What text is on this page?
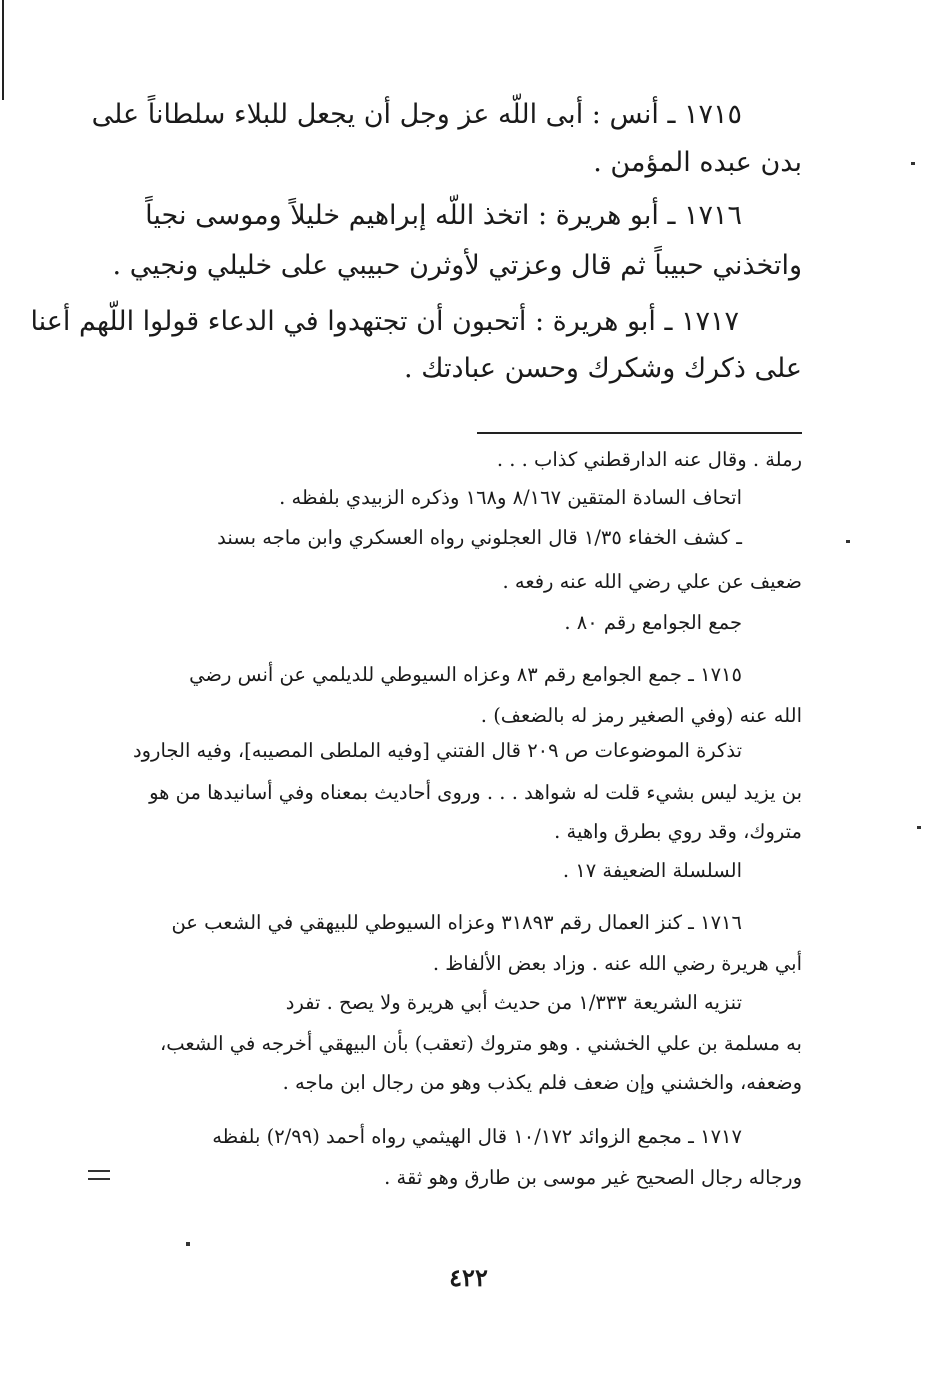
١٧١٥ ـ أنس : أبى اللّه عز وجل أن يجعل للبلاء سلطاناً على
بدن عبده المؤمن .
١٧١٦ ـ أبو هريرة : اتخذ اللّه إبراهيم خليلاً وموسى نجياً
واتخذني حبيباً ثم قال وعزتي لأوثرن حبيبي على خليلي ونجيي .
١٧١٧ ـ أبو هريرة : أتحبون أن تجتهدوا في الدعاء قولوا اللّهم أعنا
على ذكرك وشكرك وحسن عبادتك .
رملة . وقال عنه الدارقطني كذاب . . .
اتحاف السادة المتقين ٨/١٦٧ و١٦٨ وذكره الزبيدي بلفظه .
ـ كشف الخفاء ١/٣٥ قال العجلوني رواه العسكري وابن ماجه بسند
ضعيف عن علي رضي الله عنه رفعه .
جمع الجوامع رقم ٨٠ .
١٧١٥ ـ جمع الجوامع رقم ٨٣ وعزاه السيوطي للديلمي عن أنس رضي
الله عنه (وفي الصغير رمز له بالضعف) .
تذكرة الموضوعات ص ٢٠٩ قال الفتني [وفيه الملطى المصيبه]، وفيه الجارود
بن يزيد ليس بشيء قلت له شواهد . . . وروى أحاديث بمعناه وفي أسانيدها من هو
متروك، وقد روي بطرق واهية .
السلسلة الضعيفة ١٧ .
١٧١٦ ـ كنز العمال رقم ٣١٨٩٣ وعزاه السيوطي للبيهقي في الشعب عن
أبي هريرة رضي الله عنه . وزاد بعض الألفاظ .
تنزيه الشريعة ١/٣٣٣ من حديث أبي هريرة ولا يصح . تفرد
به مسلمة بن علي الخشني . وهو متروك (تعقب) بأن البيهقي أخرجه في الشعب،
وضعفه، والخشني وإن ضعف فلم يكذب وهو من رجال ابن ماجه .
١٧١٧ ـ مجمع الزوائد ١٠/١٧٢ قال الهيثمي رواه أحمد (٢/٩٩) بلفظه
ورجاله رجال الصحيح غير موسى بن طارق وهو ثقة .
٤٢٢
